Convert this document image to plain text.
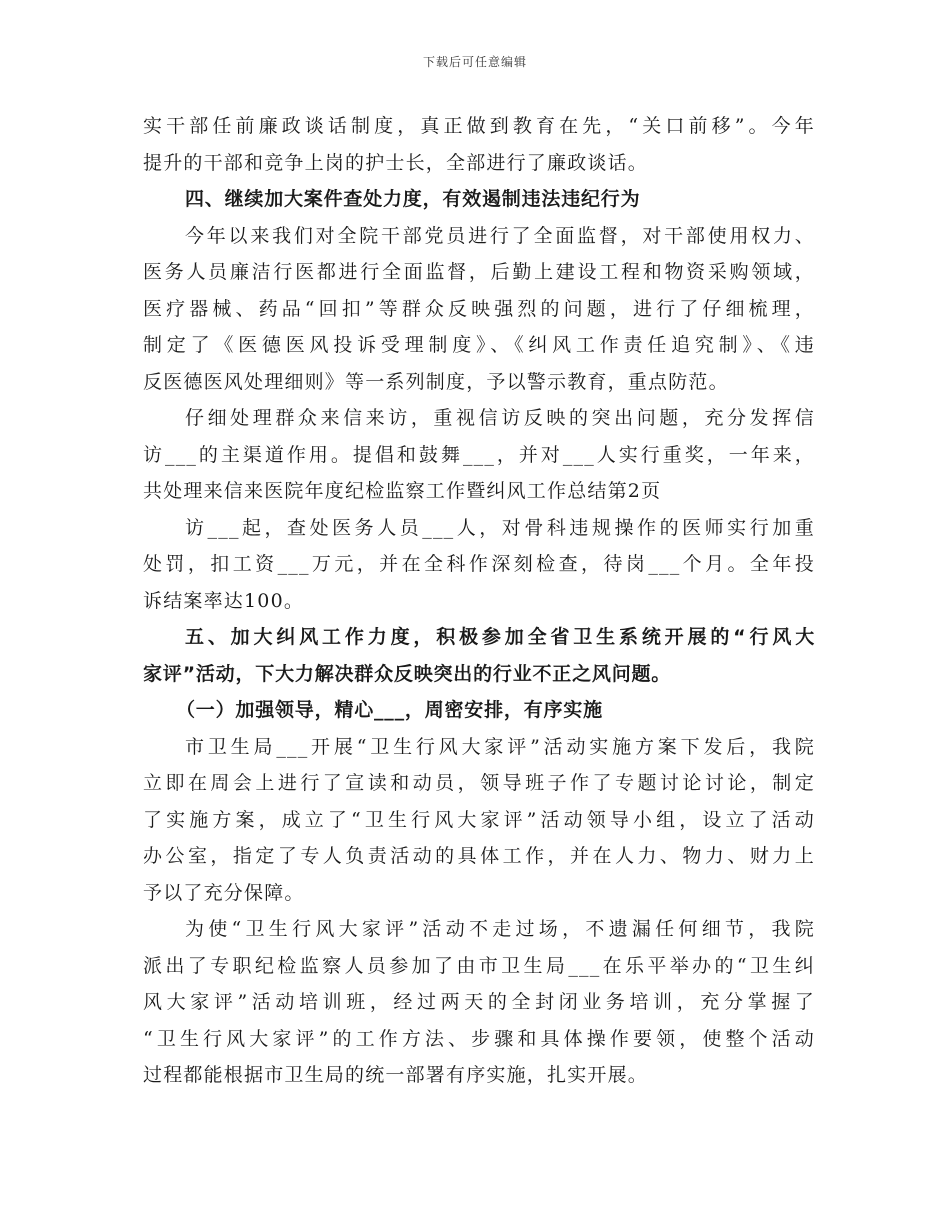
下载后可任意编辑

实干部任前廉政谈话制度，真正做到教育在先，“关口前移”。今年

提升的干部和竞争上岗的护士长，全部进行了廉政谈话。

四、继续加大案件查处力度，有效遏制违法违纪行为

今年以来我们对全院干部党员进行了全面监督，对干部使用权力、

医务人员廉洁行医都进行全面监督，后勤上建设工程和物资采购领域，

医疗器械、药品“回扣”等群众反映强烈的问题，进行了仔细梳理，

制定了《医德医风投诉受理制度》、《纠风工作责任追究制》、《违

反医德医风处理细则》等一系列制度，予以警示教育，重点防范。

仔细处理群众来信来访，重视信访反映的突出问题，充分发挥信

访___的主渠道作用。提倡和鼓舞___，并对___人实行重奖，一年来，

共处理来信来医院年度纪检监察工作暨纠风工作总结第2页

访___起，查处医务人员___人，对骨科违规操作的医师实行加重

处罚，扣工资___万元，并在全科作深刻检查，待岗___个月。全年投

诉结案率达100。

五、加大纠风工作力度，积极参加全省卫生系统开展的“行风大

家评”活动，下大力解决群众反映突出的行业不正之风问题。

（一）加强领导，精心___，周密安排，有序实施

市卫生局___开展“卫生行风大家评”活动实施方案下发后，我院

立即在周会上进行了宣读和动员，领导班子作了专题讨论讨论，制定

了实施方案，成立了“卫生行风大家评”活动领导小组，设立了活动

办公室，指定了专人负责活动的具体工作，并在人力、物力、财力上

予以了充分保障。

为使“卫生行风大家评”活动不走过场，不遗漏任何细节，我院

派出了专职纪检监察人员参加了由市卫生局___在乐平举办的“卫生纠

风大家评”活动培训班，经过两天的全封闭业务培训，充分掌握了

“卫生行风大家评”的工作方法、步骤和具体操作要领，使整个活动

过程都能根据市卫生局的统一部署有序实施，扎实开展。
